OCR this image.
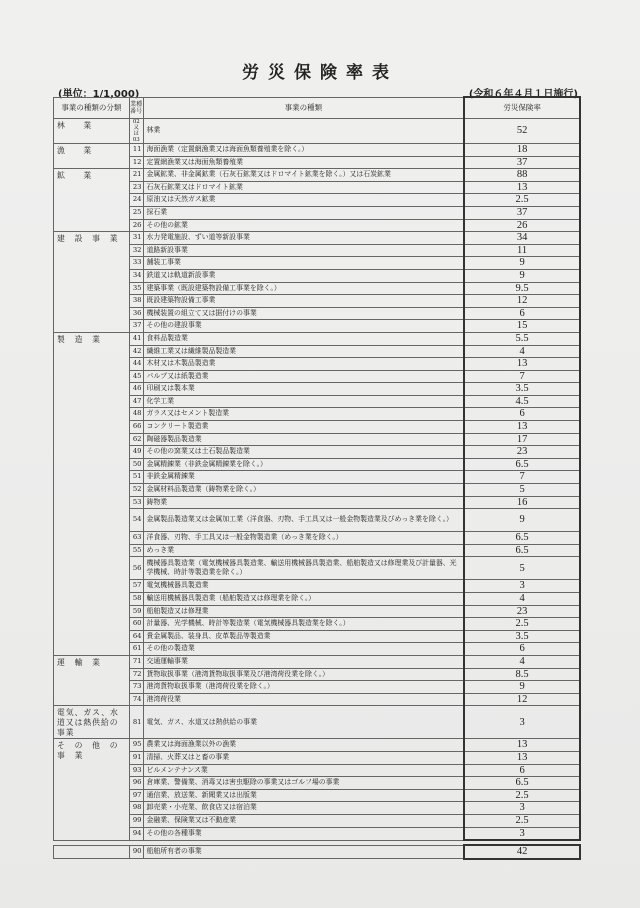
労災保険率表
(単位：1/1,000)	(令和６年４月１日施行)
事業の種類の分類	業種番号	事業の種類	労災保険率
林　　業	02又は03	林業	52
漁　　業	11	海面漁業（定置網漁業又は海面魚類養殖業を除く。）	18
	12	定置網漁業又は海面魚類養殖業	37
鉱　　業	21	金属鉱業、非金属鉱業（石灰石鉱業又はドロマイト鉱業を除く。）又は石炭鉱業	88
	23	石灰石鉱業又はドロマイト鉱業	13
	24	原油又は天然ガス鉱業	2.5
	25	採石業	37
	26	その他の鉱業	26
建　設　事　業	31	水力発電施設、ずい道等新設事業	34
	32	道路新設事業	11
	33	舗装工事業	9
	34	鉄道又は軌道新設事業	9
	35	建築事業（既設建築物設備工事業を除く。）	9.5
	38	既設建築物設備工事業	12
	36	機械装置の組立て又は据付けの事業	6
	37	その他の建設事業	15
製　造　業	41	食料品製造業	5.5
	42	繊維工業又は繊維製品製造業	4
	44	木材又は木製品製造業	13
	45	パルプ又は紙製造業	7
	46	印刷又は製本業	3.5
	47	化学工業	4.5
	48	ガラス又はセメント製造業	6
	66	コンクリート製造業	13
	62	陶磁器製品製造業	17
	49	その他の窯業又は土石製品製造業	23
	50	金属精錬業（非鉄金属精錬業を除く。）	6.5
	51	非鉄金属精錬業	7
	52	金属材料品製造業（鋳物業を除く。）	5
	53	鋳物業	16
	54	金属製品製造業又は金属加工業（洋食器、刃物、手工具又は一般金物製造業及びめっき業を除く。）	9
	63	洋食器、刃物、手工具又は一般金物製造業（めっき業を除く。）	6.5
	55	めっき業	6.5
	56	機械器具製造業（電気機械器具製造業、輸送用機械器具製造業、船舶製造又は修理業及び計量器、光学機械、時計等製造業を除く。）	5
	57	電気機械器具製造業	3
	58	輸送用機械器具製造業（船舶製造又は修理業を除く。）	4
	59	船舶製造又は修理業	23
	60	計量器、光学機械、時計等製造業（電気機械器具製造業を除く。）	2.5
	64	貴金属製品、装身具、皮革製品等製造業	3.5
	61	その他の製造業	6
運　輸　業	71	交通運輸事業	4
	72	貨物取扱事業（港湾貨物取扱事業及び港湾荷役業を除く。）	8.5
	73	港湾貨物取扱事業（港湾荷役業を除く。）	9
	74	港湾荷役業	12
電気、ガス、水道又は熱供給の事業	81	電気、ガス、水道又は熱供給の事業	3
そ　の　他　の　事　業	95	農業又は海面漁業以外の漁業	13
	91	清掃、火葬又はと畜の事業	13
	93	ビルメンテナンス業	6
	96	倉庫業、警備業、消毒又は害虫駆除の事業又はゴルフ場の事業	6.5
	97	通信業、放送業、新聞業又は出版業	2.5
	98	卸売業・小売業、飲食店又は宿泊業	3
	99	金融業、保険業又は不動産業	2.5
	94	その他の各種事業	3

	90	船舶所有者の事業	42
